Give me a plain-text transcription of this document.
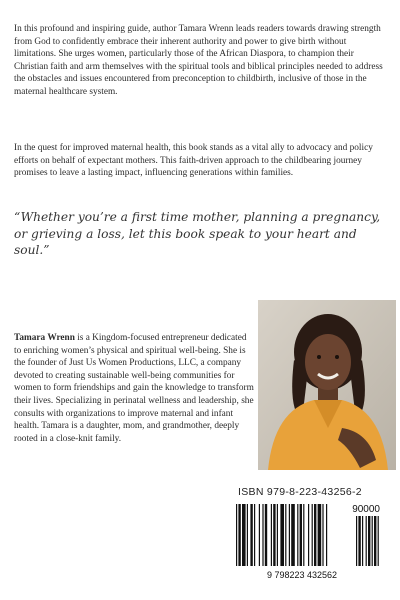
In this profound and inspiring guide, author Tamara Wrenn leads readers towards drawing strength from God to confidently embrace their inherent authority and power to give birth without limitations. She urges women, particularly those of the African Diaspora, to champion their Christian faith and arm themselves with the spiritual tools and biblical principles needed to address the obstacles and issues encountered from preconception to childbirth, inclusive of those in the maternal healthcare system.

In the quest for improved maternal health, this book stands as a vital ally to advocacy and policy efforts on behalf of expectant mothers. This faith-driven approach to the childbearing journey promises to leave a lasting impact, influencing generations within families.

“Whether you’re a first time mother, planning a pregnancy, or grieving a loss, let this book speak to your heart and soul.”

Tamara Wrenn is a Kingdom-focused entrepreneur dedicated to enriching women’s physical and spiritual well-being. She is the founder of Just Us Women Productions, LLC, a company devoted to creating sustainable well-being communities for women to form friendships and gain the knowledge to transform their lives. Specializing in perinatal wellness and leadership, she consults with organizations to improve maternal and infant health. Tamara is a daughter, mom, and grandmother, deeply rooted in a close-knit family.

ISBN 979-8-223-43256-2
90000
9 798223 432562
